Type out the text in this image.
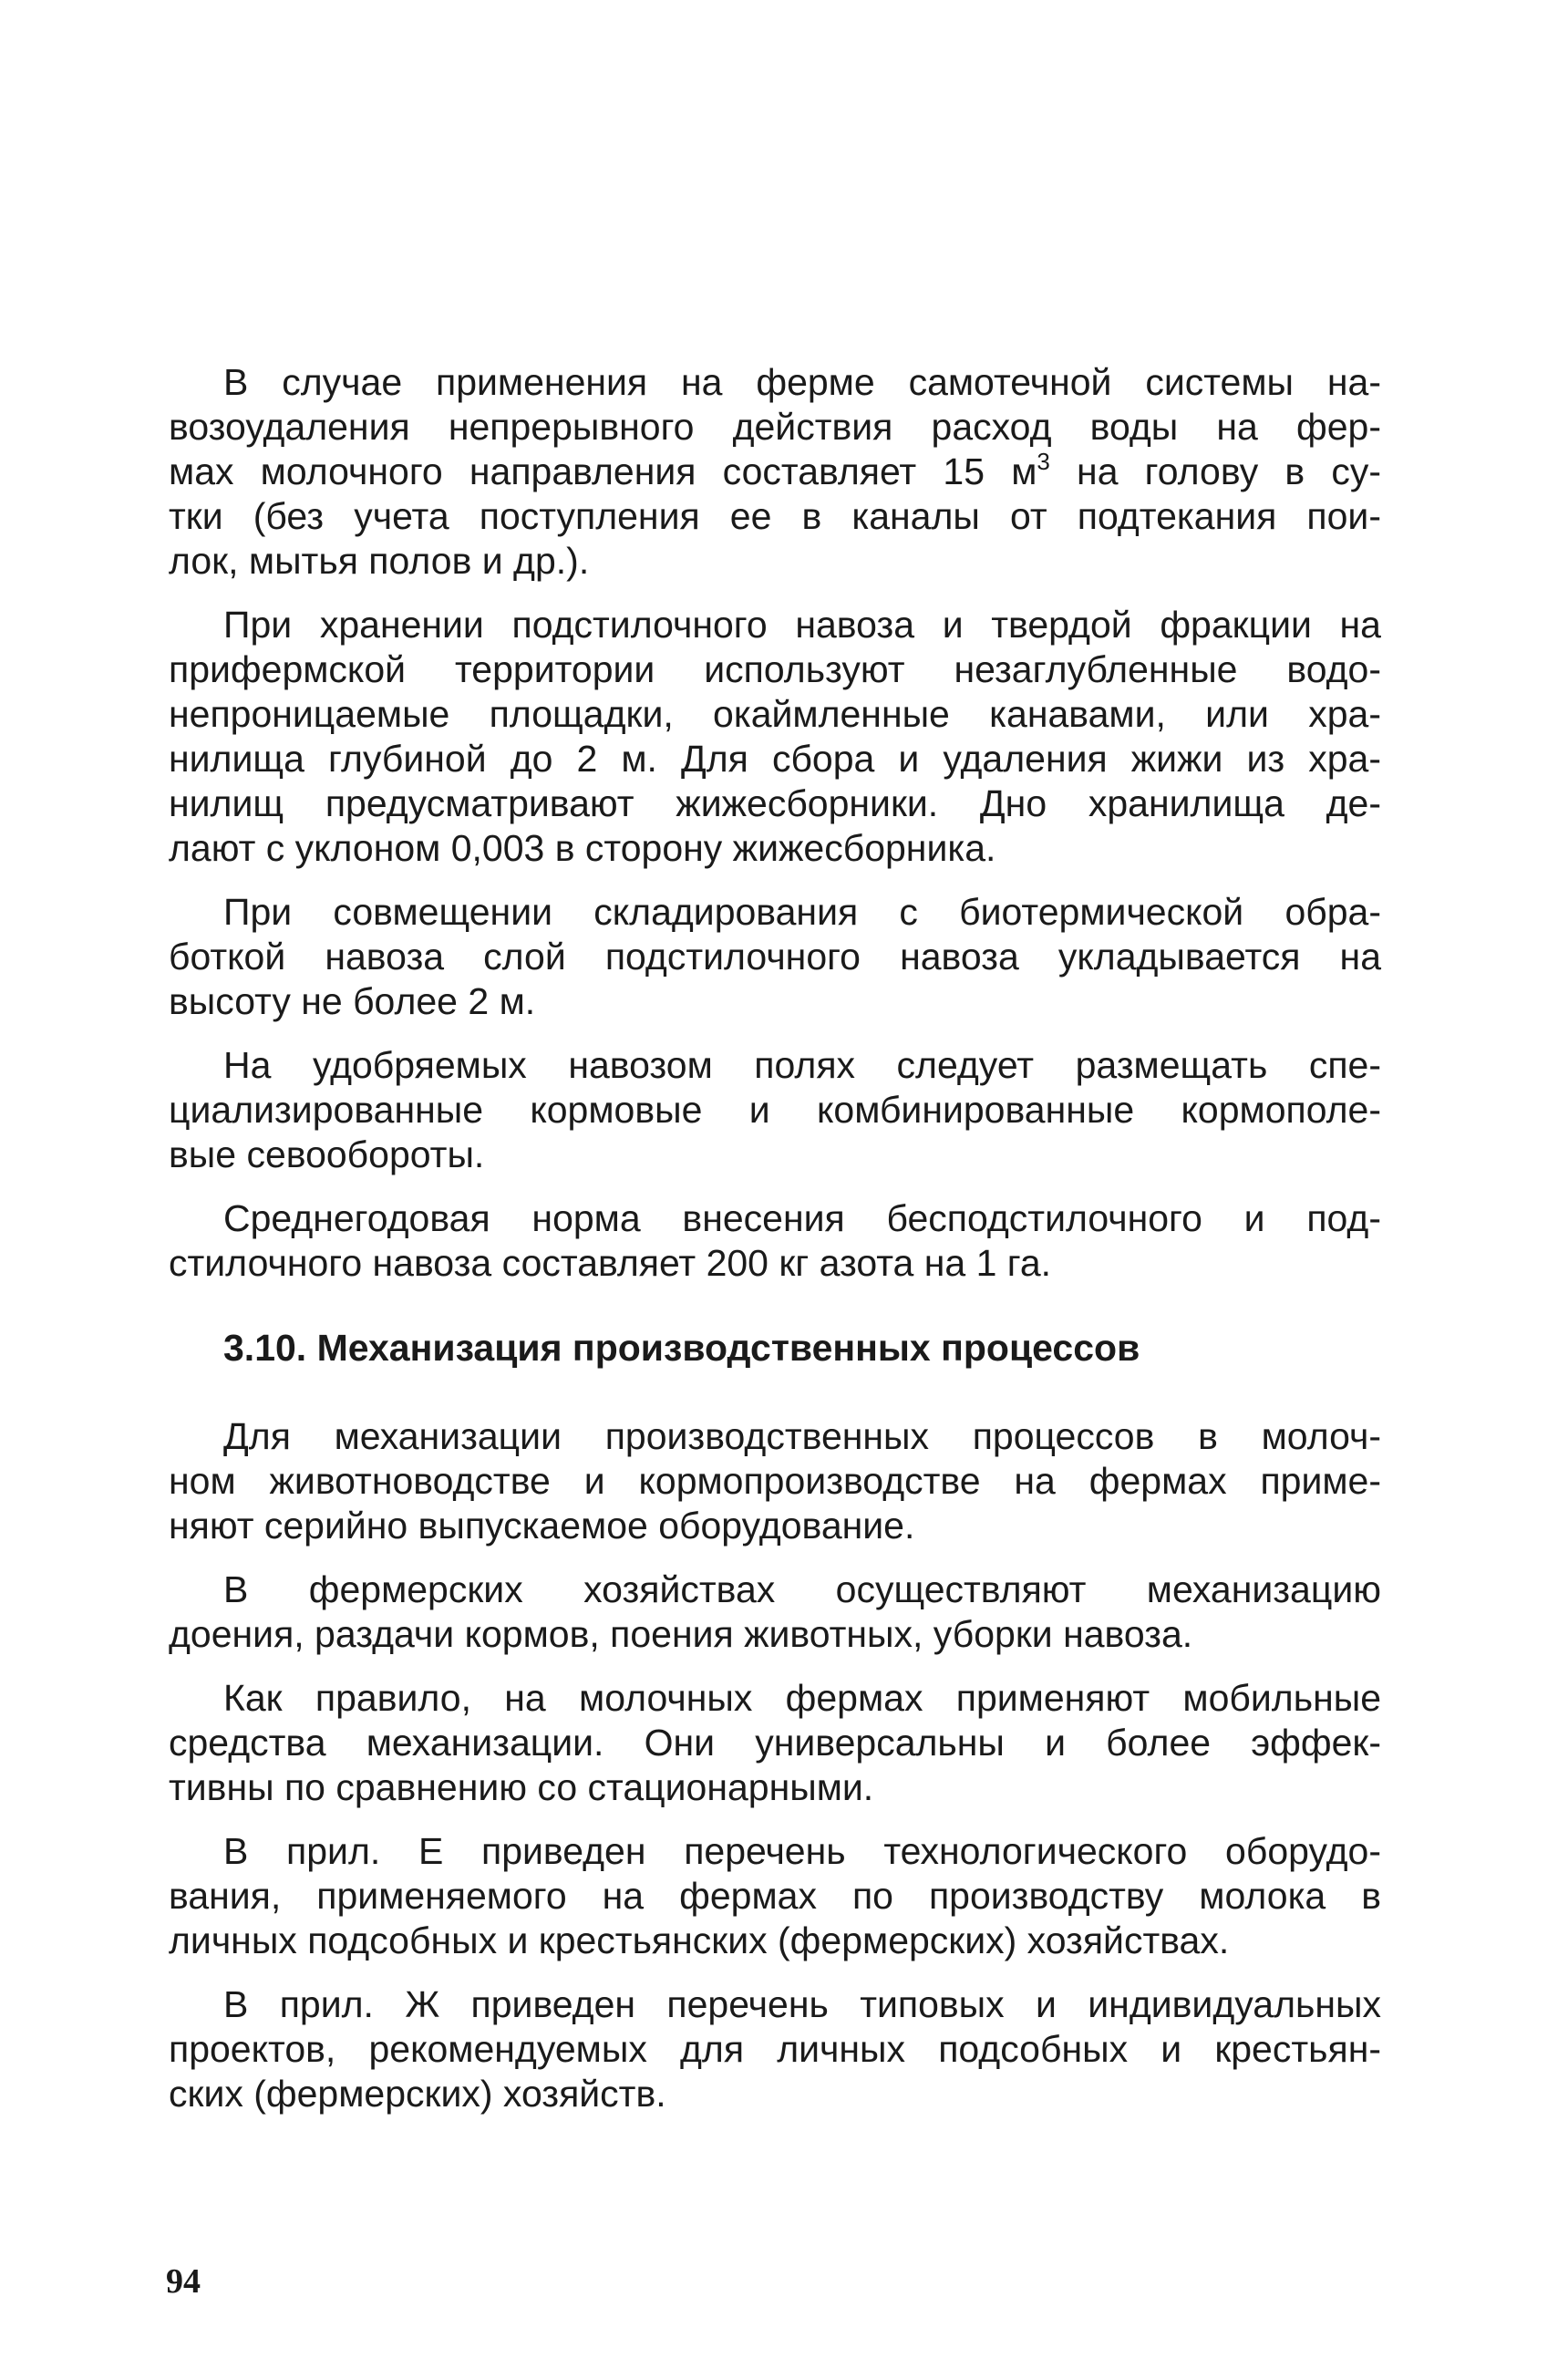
В случае применения на ферме самотечной системы на-
возоудаления непрерывного действия расход воды на фер-
мах молочного направления составляет 15 $м^3$ на голову в су-
тки (без учета поступления ее в каналы от подтекания пои-
лок, мытья полов и др.).
При хранении подстилочного навоза и твердой фракции на
прифермской территории используют незаглубленные водо-
непроницаемые площадки, окаймленные канавами, или хра-
нилища глубиной до 2 м. Для сбора и удаления жижи из хра-
нилищ предусматривают жижесборники. Дно хранилища де-
лают с уклоном 0,003 в сторону жижесборника.
При совмещении складирования с биотермической обра-
боткой навоза слой подстилочного навоза укладывается на
высоту не более 2 м.
На удобряемых навозом полях следует размещать спе-
циализированные кормовые и комбинированные кормополе-
вые севообороты.
Среднегодовая норма внесения бесподстилочного и под-
стилочного навоза составляет 200 кг азота на 1 га.
3.10. Механизация производственных процессов
Для механизации производственных процессов в молоч-
ном животноводстве и кормопроизводстве на фермах приме-
няют серийно выпускаемое оборудование.
В фермерских хозяйствах осуществляют механизацию
доения, раздачи кормов, поения животных, уборки навоза.
Как правило, на молочных фермах применяют мобильные
средства механизации. Они универсальны и более эффек-
тивны по сравнению со стационарными.
В прил. Е приведен перечень технологического оборудо-
вания, применяемого на фермах по производству молока в
личных подсобных и крестьянских (фермерских) хозяйствах.
В прил. Ж приведен перечень типовых и индивидуальных
проектов, рекомендуемых для личных подсобных и крестьян-
ских (фермерских) хозяйств.
94
